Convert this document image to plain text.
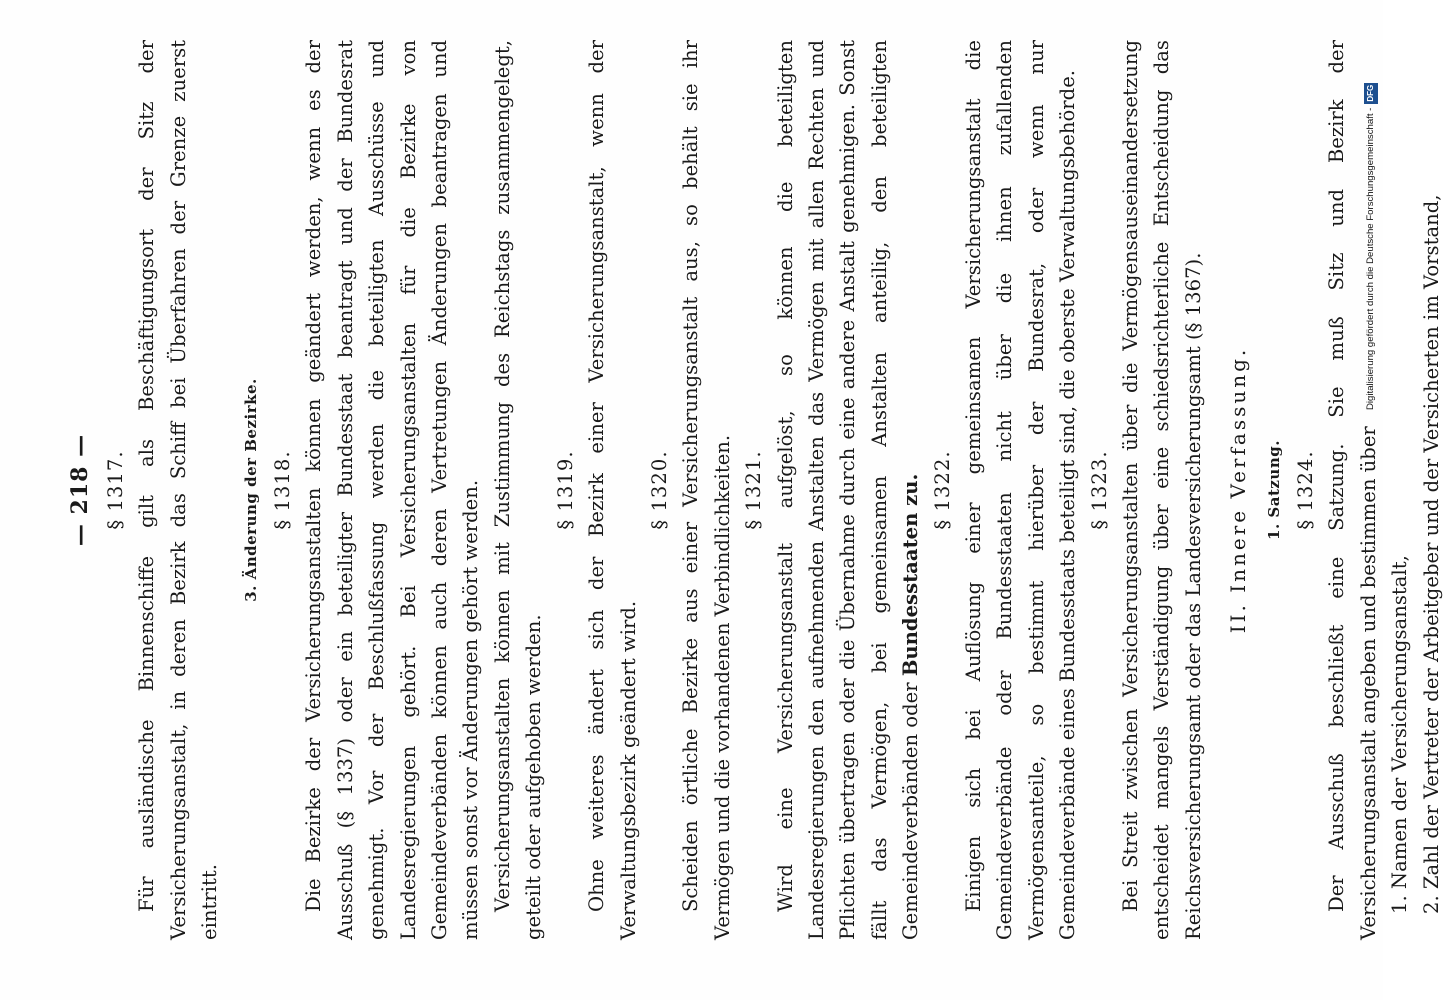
— 218 — § 1317. Für ausländische Binnenschiffe gilt als Beschäftigungsort der Sitz der Versicherungsanstalt, in deren Bezirk das Schiff bei Überfahren der Grenze zuerst eintritt.

3. Änderung der Bezirke. § 1318. Die Bezirke der Versicherungsanstalten können geändert werden, wenn es der Ausschuß (§ 1337) oder ein beteiligter Bundesstaat beantragt und der Bundesrat genehmigt. Vor der Beschlußfassung werden die beteiligten Ausschüsse und Landesregierungen gehört. Bei Versicherungsanstalten für die Bezirke von Gemeindeverbänden können auch deren Vertretungen Änderungen beantragen und müssen sonst vor Änderungen gehört werden. Versicherungsanstalten können mit Zustimmung des Reichstags zusammengelegt, geteilt oder aufgehoben werden.

§ 1319. Ohne weiteres ändert sich der Bezirk einer Versicherungsanstalt, wenn der Verwaltungsbezirk geändert wird.

§ 1320. Scheiden örtliche Bezirke aus einer Versicherungsanstalt aus, so behält sie ihr Vermögen und die vorhandenen Verbindlichkeiten. § 1321. Wird eine Versicherungsanstalt aufgelöst, so können die beteiligten Landesregierungen den aufnehmenden Anstalten das Vermögen mit allen Rechten und Pflichten übertragen oder die Übernahme durch eine andere Anstalt genehmigen. Sonst fällt das Vermögen, bei gemeinsamen Anstalten anteilig, den beteiligten Gemeindeverbänden oder Bundesstaaten zu. § 1322. Einigen sich bei Auflösung einer gemeinsamen Versicherungsanstalt die Gemeindeverbände oder Bundesstaaten nicht über die ihnen zufallenden Vermögensanteile, so bestimmt hierüber der Bundesrat, oder wenn nur Gemeindeverbände eines Bundesstaats beteiligt sind, die oberste Verwaltungsbehörde. § 1323. Bei Streit zwischen Versicherungsanstalten über die Vermögensauseinandersetzung entscheidet mangels Verständigung über eine schiedsrichterliche Entscheidung das Reichsversicherungsamt oder das Landesversicherungsamt (§ 1367). II. Innere Verfassung. 1. Satzung. § 1324. Der Ausschuß beschließt eine Satzung. Sie muß Sitz und Bezirk der Versicherungsanstalt angeben und bestimmen über 1. Namen der Versicherungsanstalt, 2. Zahl der Vertreter der Arbeitgeber und der Versicherten im Vorstand,

Digitalisierung gefördert durch die Deutsche Forschungsgemeinschaft -DFG
